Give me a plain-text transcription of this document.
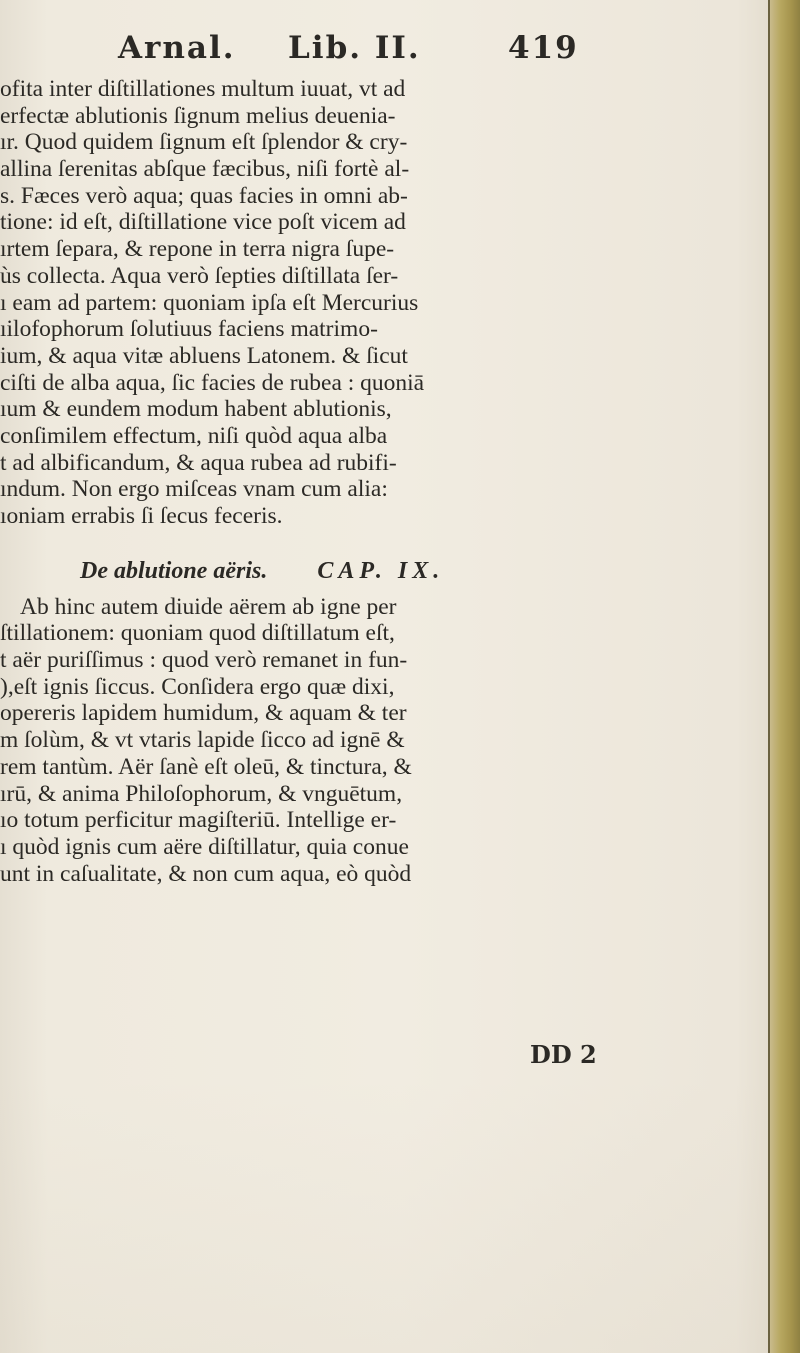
Arnal. Lib. II.	419
ofita inter diſtillationes multum iuuat, vt ad
erfectæ ablutionis ſignum melius deuenia-
ır. Quod quidem ſignum eſt ſplendor & cry-
allina ſerenitas abſque fæcibus, niſi fortè al-
s. Fæces verò aqua; quas facies in omni ab-
tione: id eſt, diſtillatione vice poſt vicem ad
ırtem ſepara, & repone in terra nigra ſupe-
ùs collecta. Aqua verò ſepties diſtillata ſer-
ı eam ad partem: quoniam ipſa eſt Mercurius
ıilofophorum ſolutiuus faciens matrimo-
ium, & aqua vitæ abluens Latonem. & ſicut
ciſti de alba aqua, ſic facies de rubea : quoniā
ıum & eundem modum habent ablutionis,
conſimilem effectum, niſi quòd aqua alba
t ad albificandum, & aqua rubea ad rubifi-
ındum. Non ergo miſceas vnam cum alia:
ıoniam errabis ſi ſecus feceris.
De ablutione aëris. CAP. IX.
Ab hinc autem diuide aërem ab igne per
ſtillationem: quoniam quod diſtillatum eſt,
t aër puriſſimus : quod verò remanet in fun-
),eſt ignis ſiccus. Conſidera ergo quæ dixi,
opereris lapidem humidum, & aquam & ter
m ſolùm, & vt vtaris lapide ſicco ad ignē &
rem tantùm. Aër ſanè eſt oleū, & tinctura, &
ırū, & anima Philoſophorum, & vnguētum,
ıo totum perficitur magiſteriū. Intellige er-
ı quòd ignis cum aëre diſtillatur, quia conue
unt in caſualitate, & non cum aqua, eò quòd
DD 2
